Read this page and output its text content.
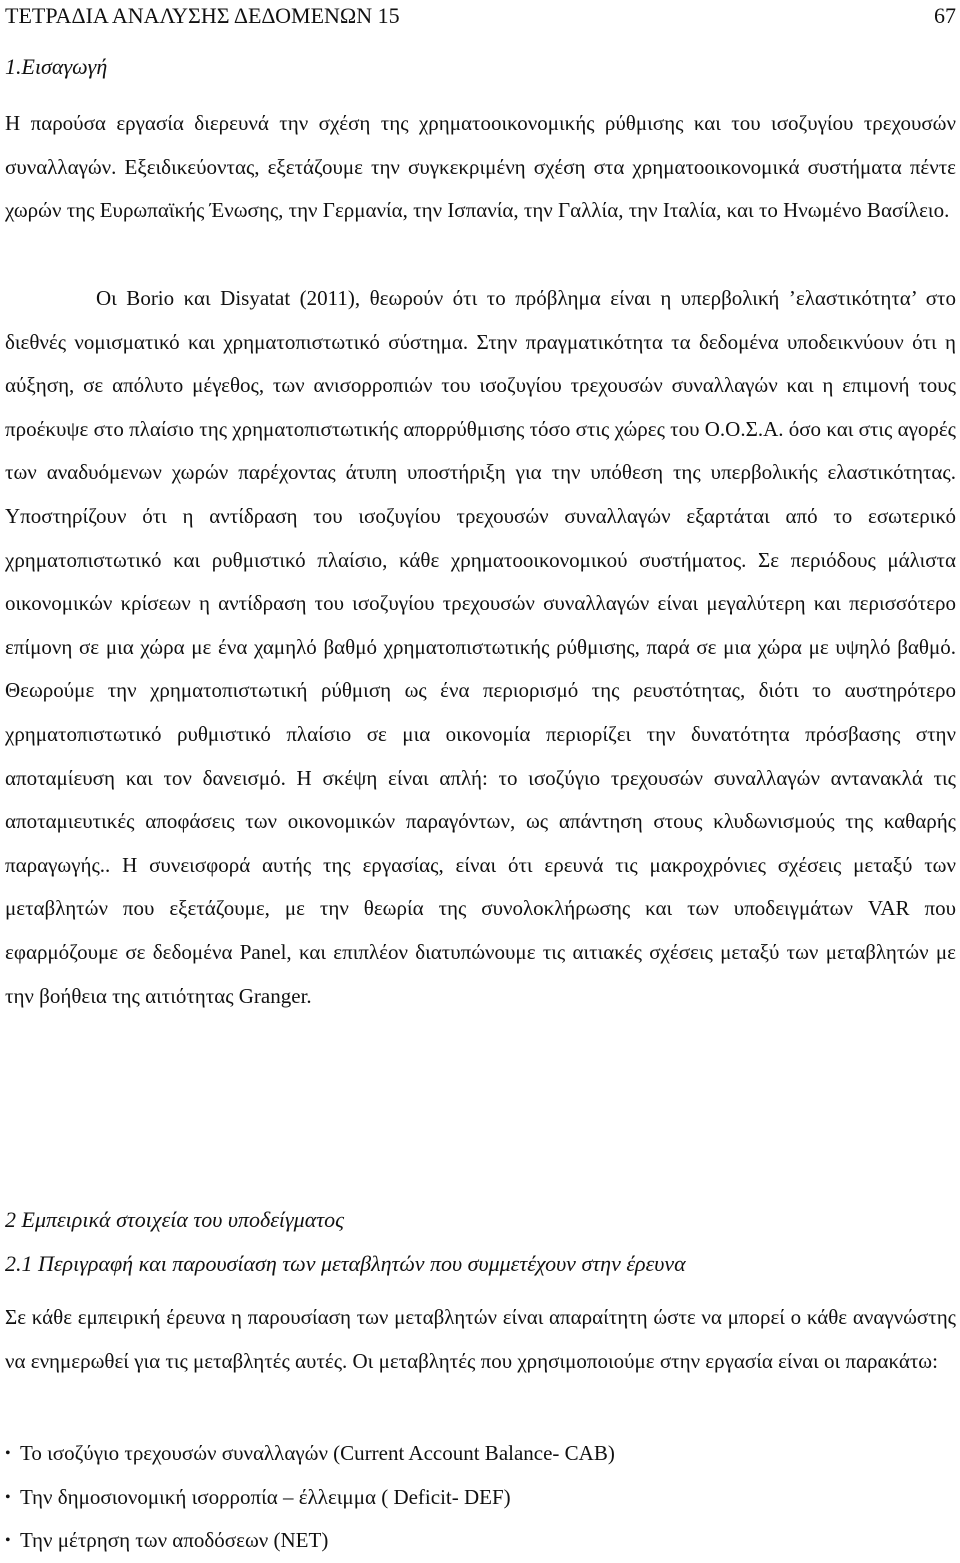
ΤΕΤΡΑΔΙΑ ΑΝΑΛΥΣΗΣ ΔΕΔΟΜΕΝΩΝ 15	67
1.Εισαγωγή

Η παρούσα εργασία διερευνά την σχέση της χρηματοοικονομικής ρύθμισης και του ισοζυγίου τρεχουσών συναλλαγών. Εξειδικεύοντας, εξετάζουμε την συγκεκριμένη σχέση στα χρηματοοικονομικά συστήματα πέντε χωρών της Ευρωπαϊκής Ένωσης, την Γερμανία, την Ισπανία, την Γαλλία, την Ιταλία, και το Ηνωμένο Βασίλειο.

Οι Borio και Disyatat (2011), θεωρούν ότι το πρόβλημα είναι η υπερβολική ’ελαστικότητα’ στο διεθνές νομισματικό και χρηματοπιστωτικό σύστημα. Στην πραγματικότητα τα δεδομένα υποδεικνύουν ότι η αύξηση, σε απόλυτο μέγεθος, των ανισορροπιών του ισοζυγίου τρεχουσών συναλλαγών και η επιμονή τους προέκυψε στο πλαίσιο της χρηματοπιστωτικής απορρύθμισης τόσο στις χώρες του Ο.Ο.Σ.Α. όσο και στις αγορές των αναδυόμενων χωρών παρέχοντας άτυπη υποστήριξη για την υπόθεση της υπερβολικής ελαστικότητας. Υποστηρίζουν ότι η αντίδραση του ισοζυγίου τρεχουσών συναλλαγών εξαρτάται από το εσωτερικό χρηματοπιστωτικό και ρυθμιστικό πλαίσιο, κάθε χρηματοοικονομικού συστήματος. Σε περιόδους μάλιστα οικονομικών κρίσεων η αντίδραση του ισοζυγίου τρεχουσών συναλλαγών είναι μεγαλύτερη και περισσότερο επίμονη σε μια χώρα με ένα χαμηλό βαθμό χρηματοπιστωτικής ρύθμισης, παρά σε μια χώρα με υψηλό βαθμό. Θεωρούμε την χρηματοπιστωτική ρύθμιση ως ένα περιορισμό της ρευστότητας, διότι το αυστηρότερο χρηματοπιστωτικό ρυθμιστικό πλαίσιο σε μια οικονομία περιορίζει την δυνατότητα πρόσβασης στην αποταμίευση και τον δανεισμό. Η σκέψη είναι απλή: το ισοζύγιο τρεχουσών συναλλαγών αντανακλά τις αποταμιευτικές αποφάσεις των οικονομικών παραγόντων, ως απάντηση στους κλυδωνισμούς της καθαρής παραγωγής.. Η συνεισφορά αυτής της εργασίας, είναι ότι ερευνά τις μακροχρόνιες σχέσεις μεταξύ των μεταβλητών που εξετάζουμε, με την θεωρία της συνολοκλήρωσης και των υποδειγμάτων VAR που εφαρμόζουμε σε δεδομένα Panel, και επιπλέον διατυπώνουμε τις αιτιακές σχέσεις μεταξύ των μεταβλητών με την βοήθεια της αιτιότητας Granger.

2 Εμπειρικά στοιχεία του υποδείγματος
2.1 Περιγραφή και παρουσίαση των μεταβλητών που συμμετέχουν στην έρευνα

Σε κάθε εμπειρική έρευνα η παρουσίαση των μεταβλητών είναι απαραίτητη ώστε να μπορεί ο κάθε αναγνώστης να ενημερωθεί για τις μεταβλητές αυτές. Οι μεταβλητές που χρησιμοποιούμε στην εργασία είναι οι παρακάτω:

• Το ισοζύγιο τρεχουσών συναλλαγών (Current Account Balance- CAB)
• Την δημοσιονομική ισορροπία – έλλειμμα ( Deficit- DEF)
• Την μέτρηση των αποδόσεων (NET)
